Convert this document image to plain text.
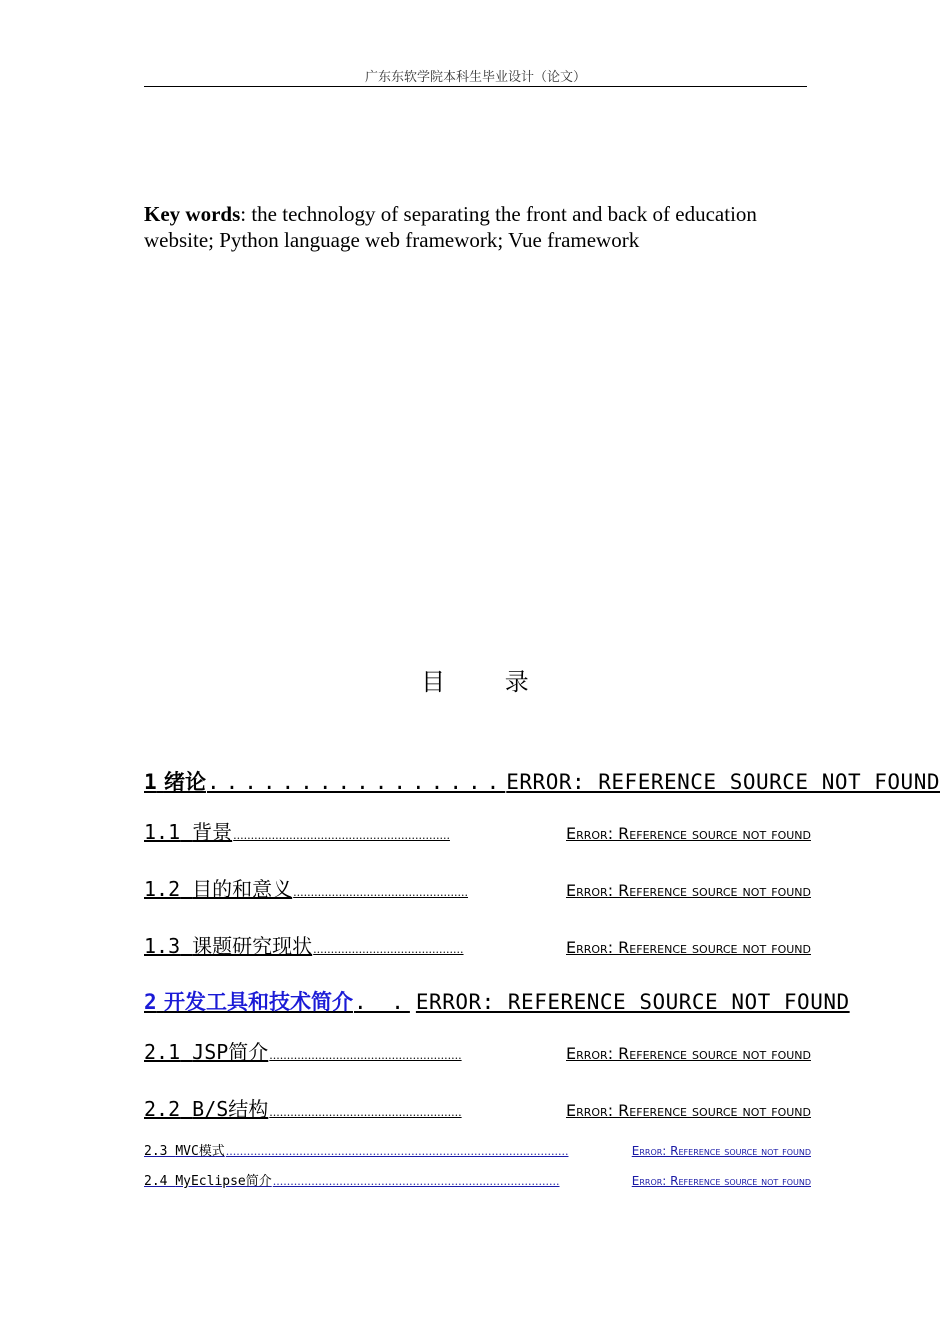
广东东软学院本科生毕业设计（论文）
Key words: the technology of separating the front and back of education website; Python language web framework; Vue framework
目 录
1 绪论 ................ ERROR: REFERENCE SOURCE NOT FOUND
1.1 背景 ..............................................................	Error: Reference source not found
1.2 目的和意义 ..................................................	Error: Reference source not found
1.3 课题研究现状 ...........................................	Error: Reference source not found
2 开发工具和技术简介 . . ERROR: REFERENCE SOURCE NOT FOUND
2.1 JSP简介 .......................................................	Error: Reference source not found
2.2 B/S结构 .......................................................	Error: Reference source not found
2.3 MVC模式 ..................................................................................................	Error: Reference source not found
2.4 MyEclipse简介 ..................................................................................	Error: Reference source not found
